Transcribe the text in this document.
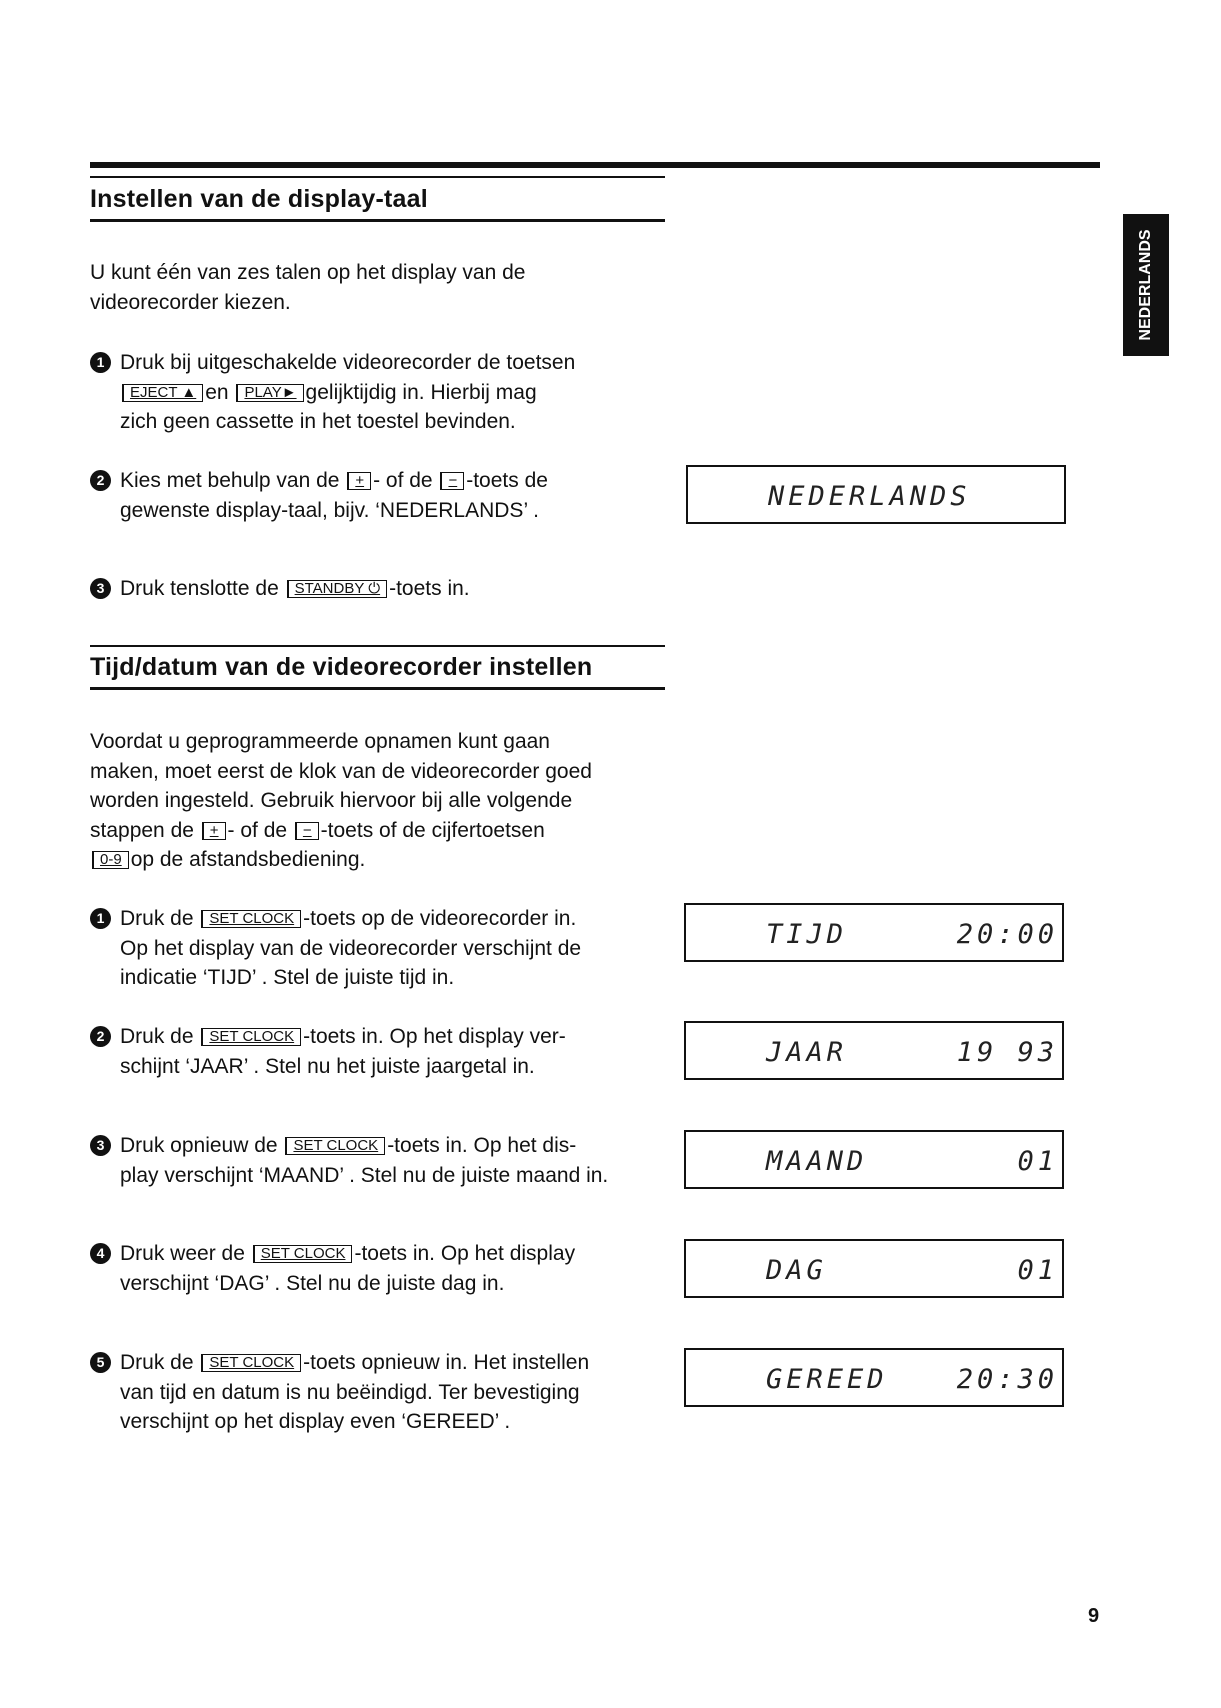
NEDERLANDS
Instellen van de display-taal
U kunt één van zes talen op het display van de
videorecorder kiezen.
1 Druk bij uitgeschakelde videorecorder de toetsen
EJECT ▲ en PLAY► gelijktijdig in. Hierbij mag
zich geen cassette in het toestel bevinden.
2 Kies met behulp van de + - of de − -toets de
gewenste display-taal, bijv. ‘NEDERLANDS’ .
3 Druk tenslotte de STANDBY ⏻ -toets in.
NEDERLANDS
Tijd/datum van de videorecorder instellen
Voordat u geprogrammeerde opnamen kunt gaan
maken, moet eerst de klok van de videorecorder goed
worden ingesteld. Gebruik hiervoor bij alle volgende
stappen de + - of de − -toets of de cijfertoetsen
0-9 op de afstandsbediening.
1 Druk de SET CLOCK -toets op de videorecorder in.
Op het display van de videorecorder verschijnt de
indicatie ‘TIJD’ . Stel de juiste tijd in.
2 Druk de SET CLOCK -toets in. Op het display ver-
schijnt ‘JAAR’ . Stel nu het juiste jaargetal in.
3 Druk opnieuw de SET CLOCK -toets in. Op het dis-
play verschijnt ‘MAAND’ . Stel nu de juiste maand in.
4 Druk weer de SET CLOCK -toets in. Op het display
verschijnt ‘DAG’ . Stel nu de juiste dag in.
5 Druk de SET CLOCK -toets opnieuw in. Het instellen
van tijd en datum is nu beëindigd. Ter bevestiging
verschijnt op het display even ‘GEREED’ .
TIJD	20:00
JAAR	19 93
MAAND	01
DAG	01
GEREED	20:30
9
